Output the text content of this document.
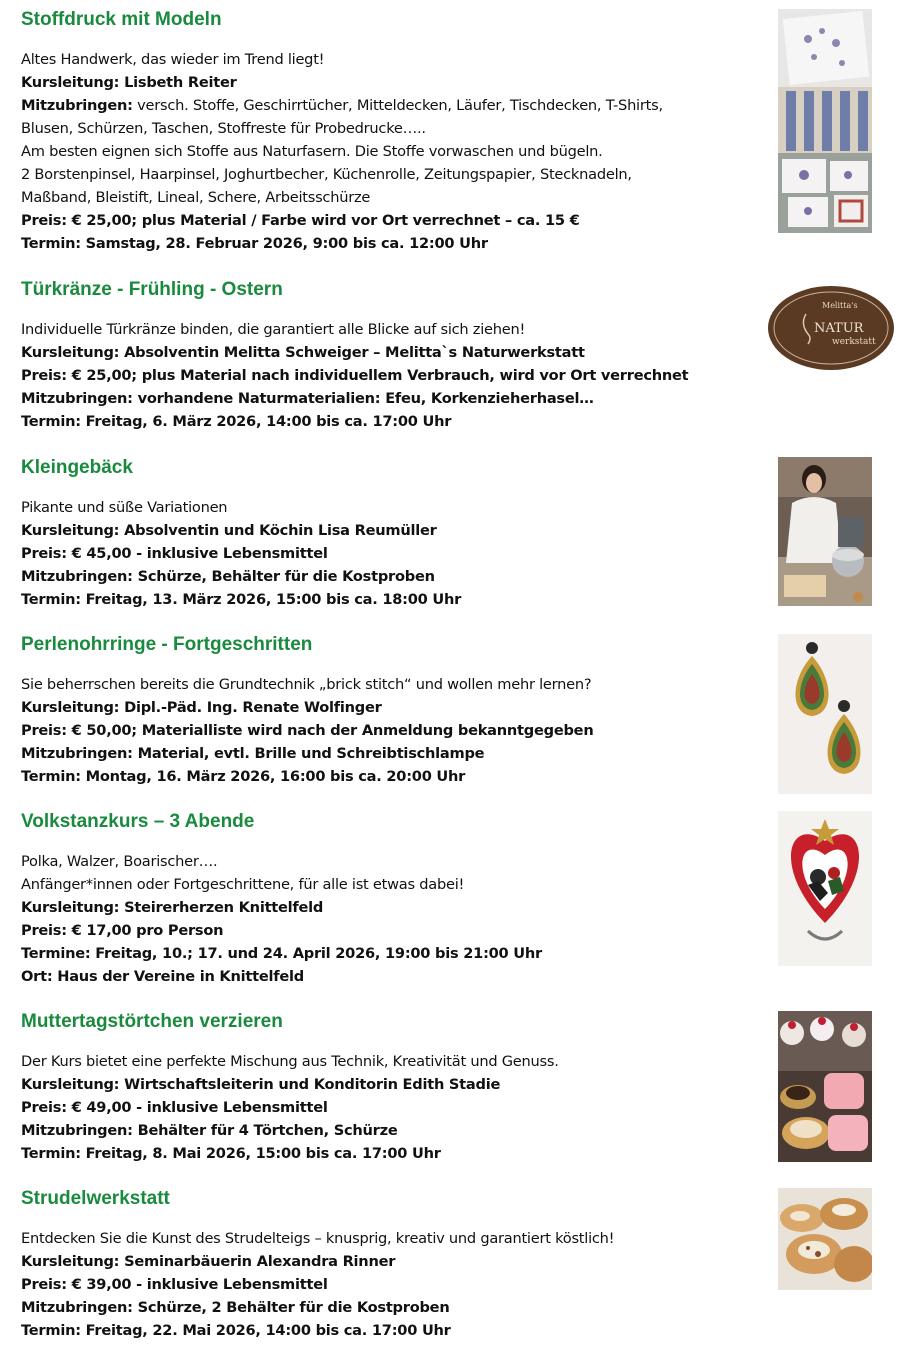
Stoffdruck mit Modeln
Altes Handwerk, das wieder im Trend liegt!
Kursleitung: Lisbeth Reiter
Mitzubringen: versch. Stoffe, Geschirrtücher, Mitteldecken, Läufer, Tischdecken, T-Shirts,
Blusen, Schürzen, Taschen, Stoffreste für Probedrucke…..
Am besten eignen sich Stoffe aus Naturfasern. Die Stoffe vorwaschen und bügeln.
2 Borstenpinsel, Haarpinsel, Joghurtbecher, Küchenrolle, Zeitungspapier, Stecknadeln,
Maßband, Bleistift, Lineal, Schere, Arbeitsschürze
Preis: € 25,00; plus Material / Farbe wird vor Ort verrechnet – ca. 15 €
Termin: Samstag, 28. Februar 2026, 9:00 bis ca. 12:00 Uhr
Türkränze - Frühling - Ostern
Individuelle Türkränze binden, die garantiert alle Blicke auf sich ziehen!
Kursleitung: Absolventin Melitta Schweiger – Melitta`s Naturwerkstatt
Preis: € 25,00; plus Material nach individuellem Verbrauch, wird vor Ort verrechnet
Mitzubringen: vorhandene Naturmaterialien: Efeu, Korkenzieherhasel…
Termin: Freitag, 6. März 2026, 14:00 bis ca. 17:00 Uhr
Melitta's
NATUR
werkstatt
Kleingebäck
Pikante und süße Variationen
Kursleitung: Absolventin und Köchin Lisa Reumüller
Preis: € 45,00 - inklusive Lebensmittel
Mitzubringen: Schürze, Behälter für die Kostproben
Termin: Freitag, 13. März 2026, 15:00 bis ca. 18:00 Uhr
Perlenohrringe - Fortgeschritten
Sie beherrschen bereits die Grundtechnik „brick stitch“ und wollen mehr lernen?
Kursleitung: Dipl.-Päd. Ing. Renate Wolfinger
Preis: € 50,00; Materialliste wird nach der Anmeldung bekanntgegeben
Mitzubringen: Material, evtl. Brille und Schreibtischlampe
Termin: Montag, 16. März 2026, 16:00 bis ca. 20:00 Uhr
Volkstanzkurs – 3 Abende
Polka, Walzer, Boarischer….
Anfänger*innen oder Fortgeschrittene, für alle ist etwas dabei!
Kursleitung: Steirerherzen Knittelfeld
Preis: € 17,00 pro Person
Termine: Freitag, 10.; 17. und 24. April 2026, 19:00 bis 21:00 Uhr
Ort: Haus der Vereine in Knittelfeld
Muttertagstörtchen verzieren
Der Kurs bietet eine perfekte Mischung aus Technik, Kreativität und Genuss.
Kursleitung: Wirtschaftsleiterin und Konditorin Edith Stadie
Preis: € 49,00 - inklusive Lebensmittel
Mitzubringen: Behälter für 4 Törtchen, Schürze
Termin: Freitag, 8. Mai 2026, 15:00 bis ca. 17:00 Uhr
Strudelwerkstatt
Entdecken Sie die Kunst des Strudelteigs – knusprig, kreativ und garantiert köstlich!
Kursleitung: Seminarbäuerin Alexandra Rinner
Preis: € 39,00 - inklusive Lebensmittel
Mitzubringen: Schürze, 2 Behälter für die Kostproben
Termin: Freitag, 22. Mai 2026, 14:00 bis ca. 17:00 Uhr
